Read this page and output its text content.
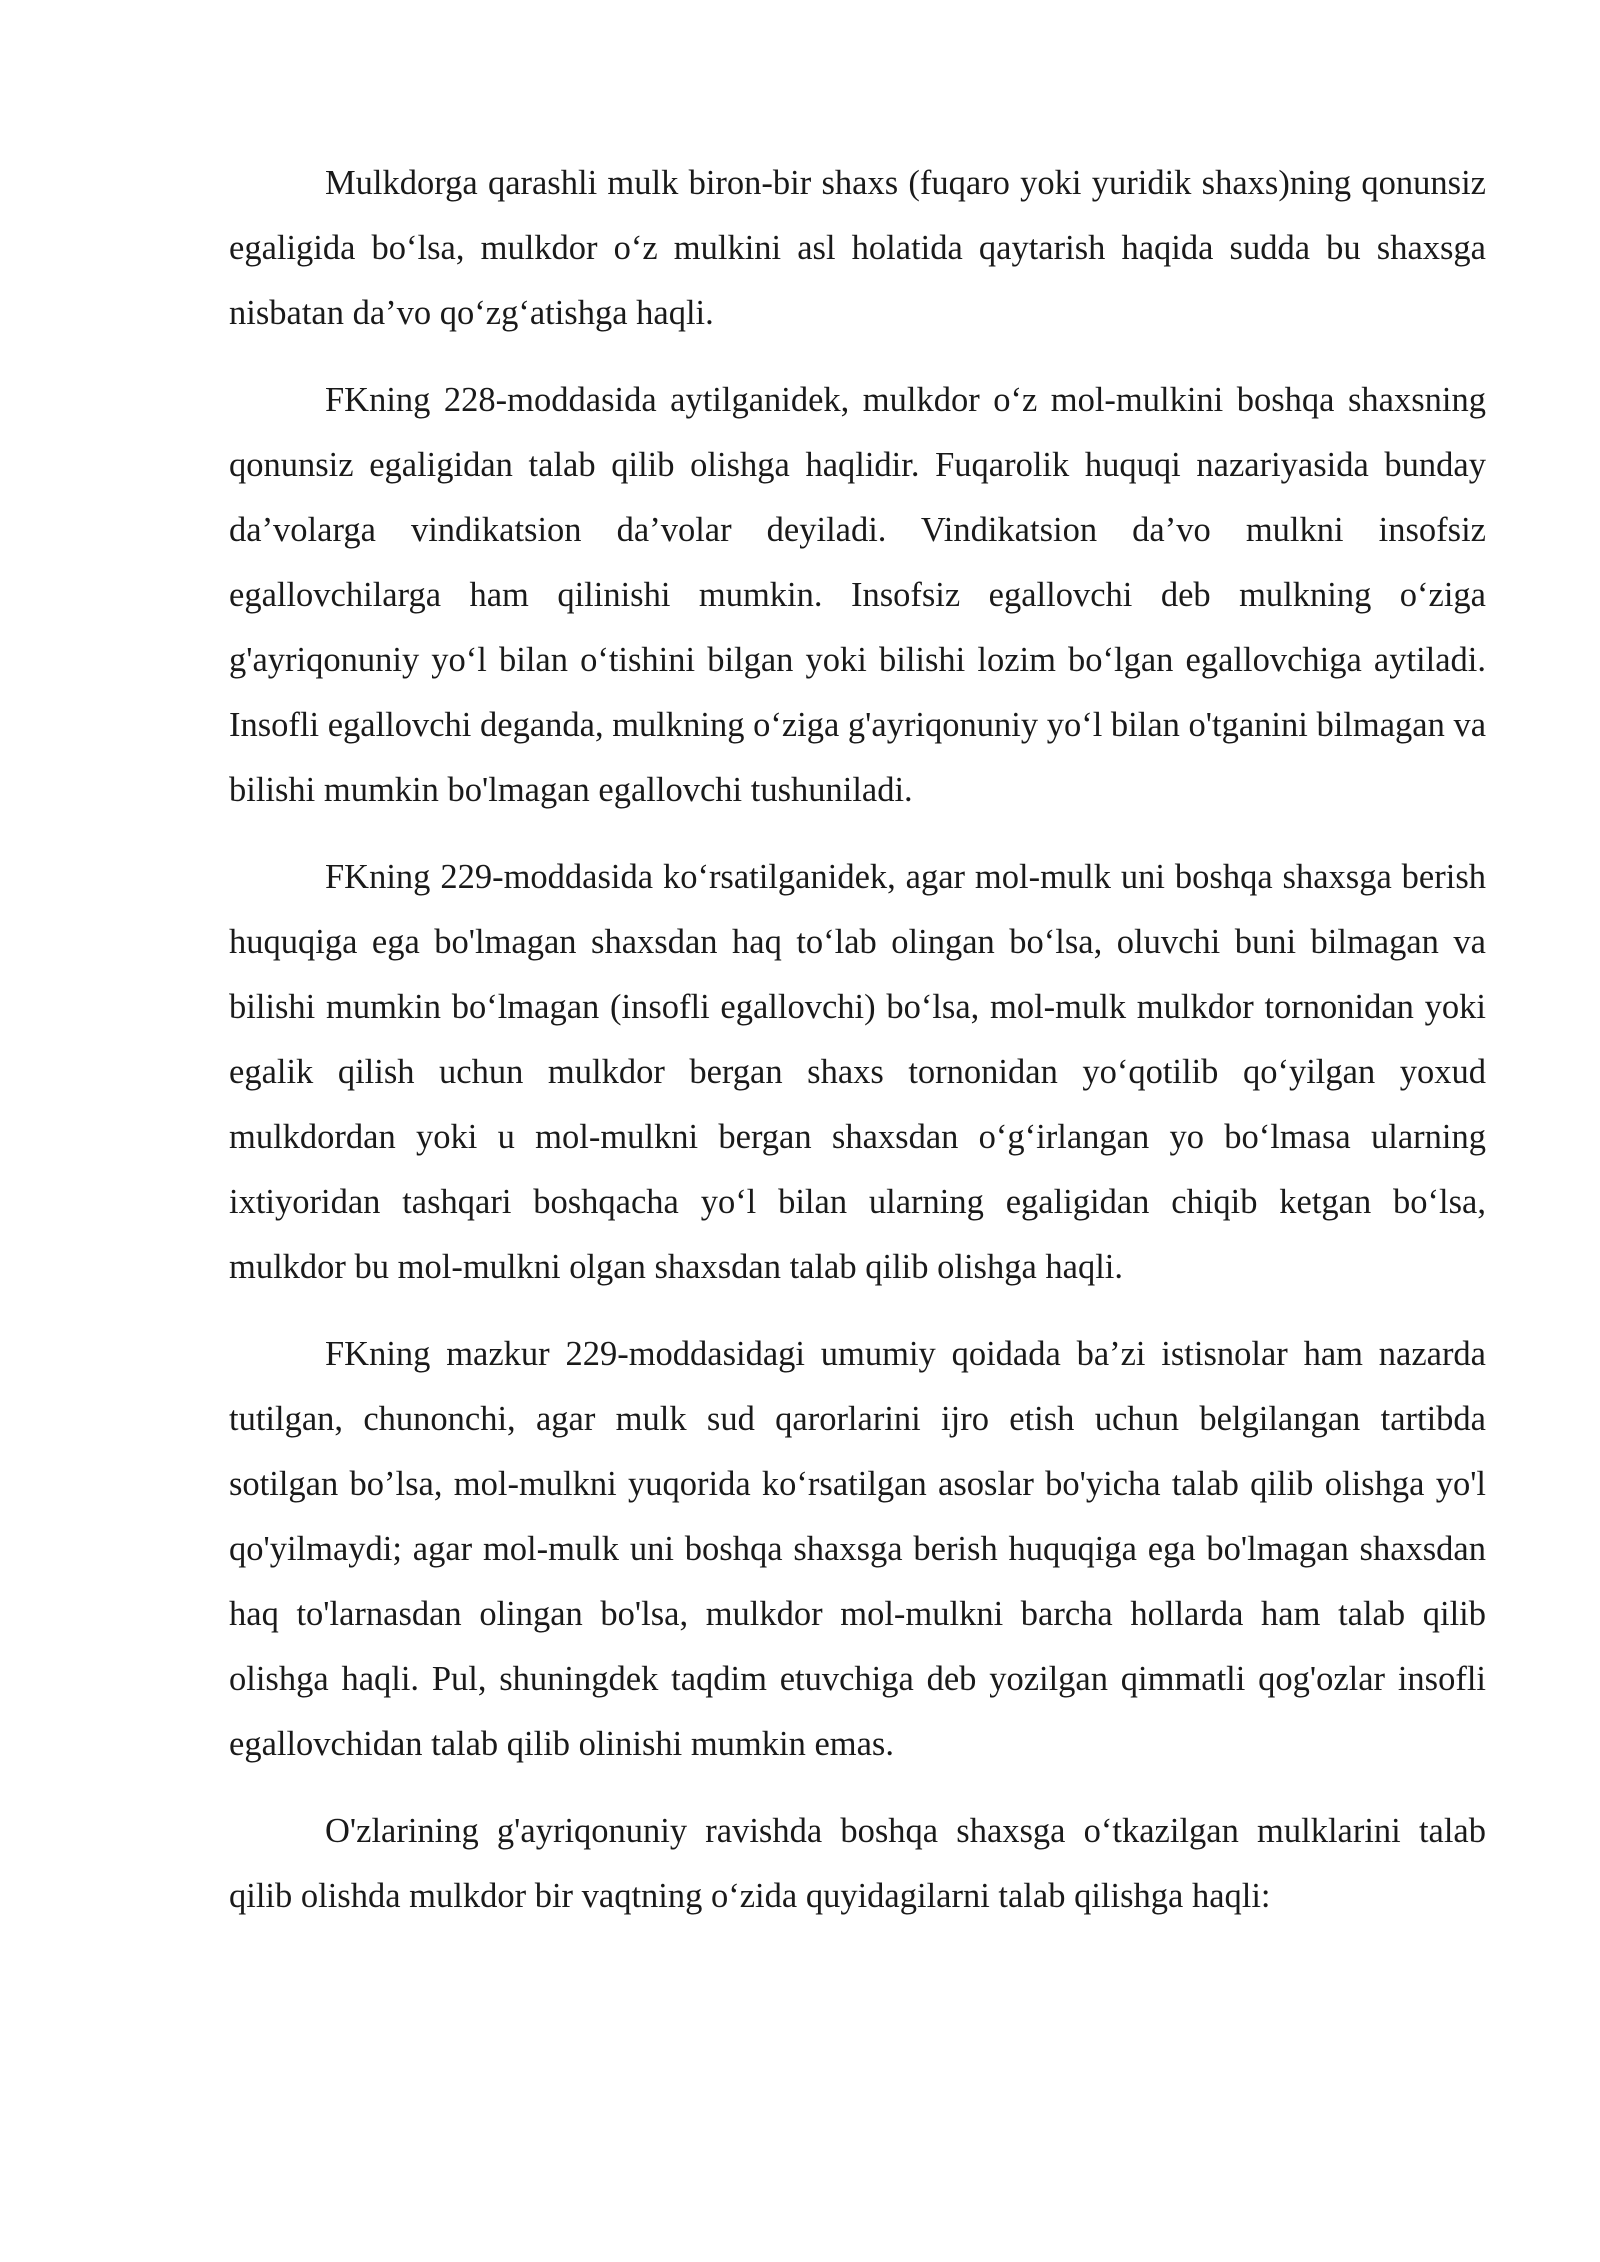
Mulkdorga qarashli mulk biron-bir shaxs (fuqaro yoki yuridik shaxs)ning qonunsiz egaligida bo‘lsa, mulkdor o‘z mulkini asl holatida qaytarish haqida sudda bu shaxsga nisbatan da’vo qo‘zg‘atishga haqli.

FKning 228-moddasida aytilganidek, mulkdor o‘z mol-mulkini boshqa shaxsning qonunsiz egaligidan talab qilib olishga haqlidir. Fuqarolik huquqi nazariyasida bunday da’volarga vindikatsion da’volar deyiladi. Vindikatsion da’vo mulkni insofsiz egallovchilarga ham qilinishi mumkin. Insofsiz egallovchi deb mulkning o‘ziga g'ayriqonuniy yo‘l bilan o‘tishini bilgan yoki bilishi lozim bo‘lgan egallovchiga aytiladi. Insofli egallovchi deganda, mulkning o‘ziga g'ayriqonuniy yo‘l bilan o'tganini bilmagan va bilishi mumkin bo'lmagan egallovchi tushuniladi.

FKning 229-moddasida ko‘rsatilganidek, agar mol-mulk uni boshqa shaxsga berish huquqiga ega bo'lmagan shaxsdan haq to‘lab olingan bo‘lsa, oluvchi buni bilmagan va bilishi mumkin bo‘lmagan (insofli egallovchi) bo‘lsa, mol-mulk mulkdor tornonidan yoki egalik qilish uchun mulkdor bergan shaxs tornonidan yo‘qotilib qo‘yilgan yoxud mulkdordan yoki u mol-mulkni bergan shaxsdan o‘g‘irlangan yo bo‘lmasa ularning ixtiyoridan tashqari boshqacha yo‘l bilan ularning egaligidan chiqib ketgan bo‘lsa, mulkdor bu mol-mulkni olgan shaxsdan talab qilib olishga haqli.

FKning mazkur 229-moddasidagi umumiy qoidada ba’zi istisnolar ham nazarda tutilgan, chunonchi, agar mulk sud qarorlarini ijro etish uchun belgilangan tartibda sotilgan bo’lsa, mol-mulkni yuqorida ko‘rsatilgan asoslar bo'yicha talab qilib olishga yo'l qo'yilmaydi; agar mol-mulk uni boshqa shaxsga berish huquqiga ega bo'lmagan shaxsdan haq to'larnasdan olingan bo'lsa, mulkdor mol-mulkni barcha hollarda ham talab qilib olishga haqli. Pul, shuningdek taqdim etuvchiga deb yozilgan qimmatli qog'ozlar insofli egallovchidan talab qilib olinishi mumkin emas.

O'zlarining g'ayriqonuniy ravishda boshqa shaxsga o‘tkazilgan mulklarini talab qilib olishda mulkdor bir vaqtning o‘zida quyidagilarni talab qilishga haqli:
